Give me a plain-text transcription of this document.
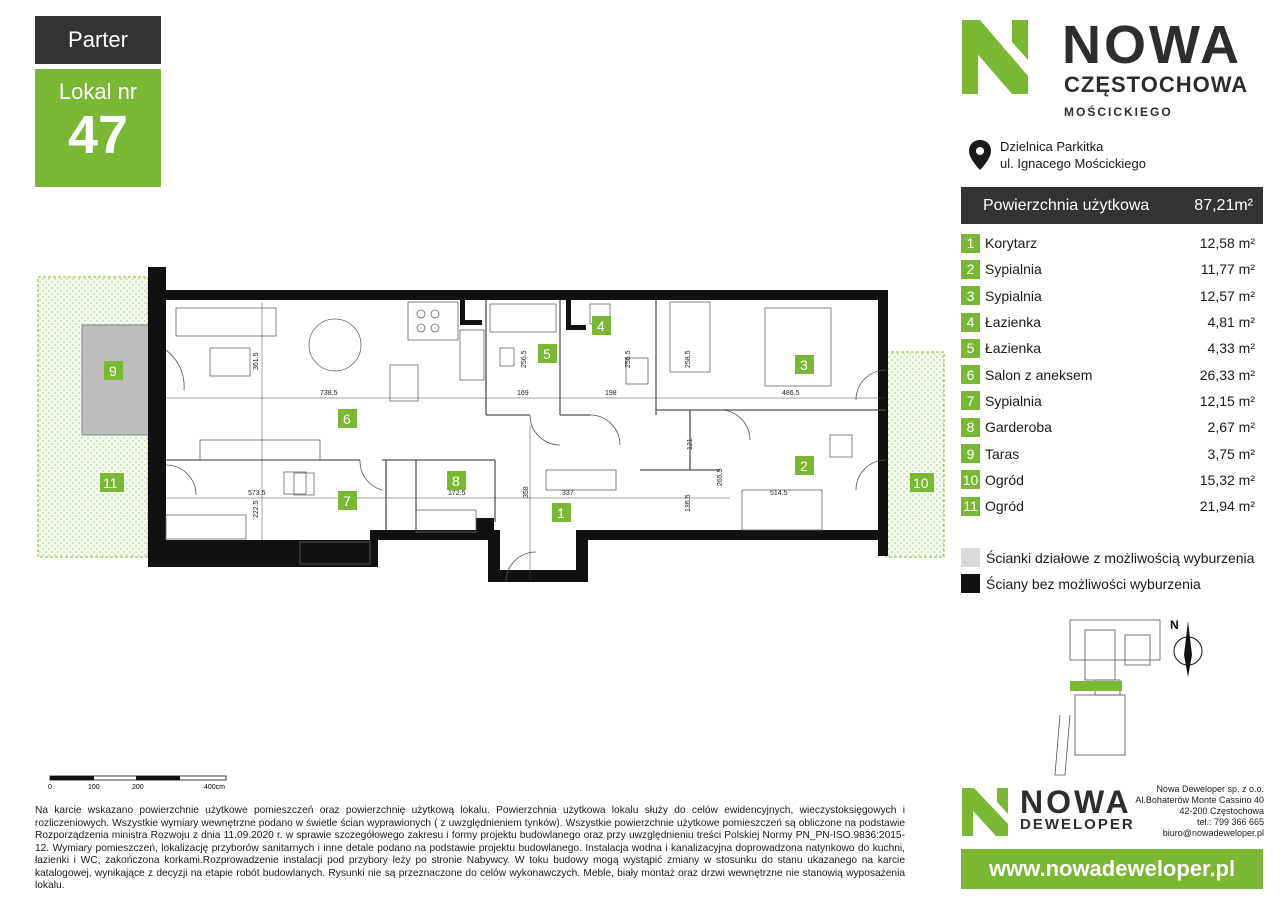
Parter
Lokal nr
47
NOWA
CZĘSTOCHOWA
MOŚCICKIEGO
Dzielnica Parkitka
ul. Ignacego Mościckiego
Powierzchnia użytkowa	87,21m²
1 Korytarz	12,58 m²
2 Sypialnia	11,77 m²
3 Sypialnia	12,57 m²
4 Łazienka	4,81 m²
5 Łazienka	4,33 m²
6 Salon z aneksem	26,33 m²
7 Sypialnia	12,15 m²
8 Garderoba	2,67 m²
9 Taras	3,75 m²
10 Ogród	15,32 m²
11 Ogród	21,94 m²
Ścianki działowe z możliwością wyburzenia
Ściany bez możliwości wyburzenia
738.5	169	198	486.5
573.5	172.5	337	514.5
361.5	256.5	256.5	258.5
222.5
358
121
136.5
265.5
1
2
3
4
5
6
7
8
9
10
11
N
0	100	200	400cm
Na karcie wskazano powierzchnie użytkowe pomieszczeń oraz powierzchnię użytkową lokalu. Powierzchnia użytkowa lokalu służy do celów ewidencyjnych, wieczystoksięgowych i rozliczeniowych. Wszystkie wymiary wewnętrzne podano w świetle ścian wyprawionych ( z uwzględnieniem tynków). Wszystkie powierzchnie użytkowe pomieszczeń są obliczone na podstawie Rozporządzenia ministra Rozwoju z dnia 11.09.2020 r. w sprawie szczegółowego zakresu i formy projektu budowlanego oraz przy uwzględnieniu treści Polskiej Normy PN_PN-ISO.9836:2015-12. Wymiary pomieszczeń, lokalizację przyborów sanitarnych i inne detale podano na podstawie projektu budowlanego. Instalacja wodna i kanalizacyjna doprowadzona natynkowo do kuchni, łazienki i WC, zakończona korkami.Rozprowadzenie instalacji pod przybory leży po stronie Nabywcy. W toku budowy mogą wystąpić zmiany w stosunku do stanu ukazanego na karcie katalogowej, wynikające z decyzji na etapie robót budowlanych. Rysunki nie są przeznaczone do celów wykonawczych. Meble, biały montaż oraz drzwi wewnętrzne nie stanowią wyposażenia lokalu.
NOWA
DEWELOPER
Nowa Deweloper sp. z o.o.
Al.Bohaterów Monte Cassino 40
42-200 Częstochowa
tel.: 799 366 665
biuro@nowadeweloper.pl
www.nowadeweloper.pl
